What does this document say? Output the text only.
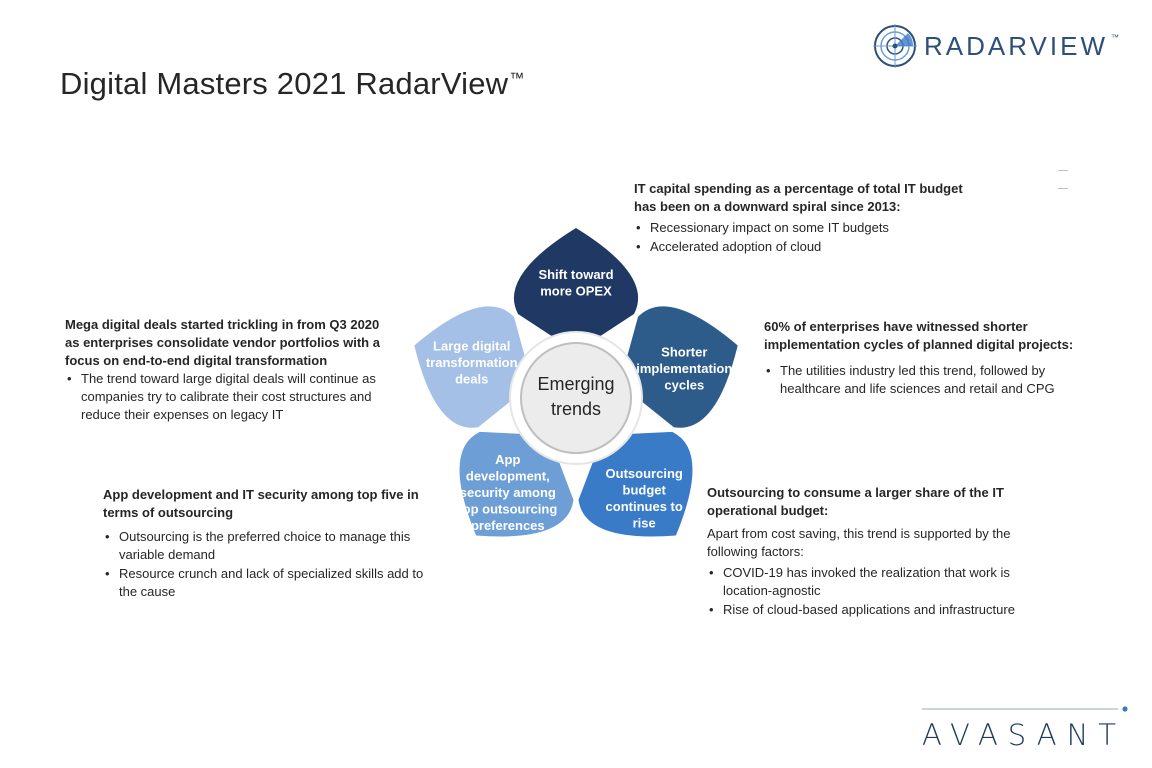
Digital Masters 2021 RadarView™
RADARVIEW ™
Shift toward
more OPEX
Shorter
implementation
cycles
Outsourcing
budget
continues to
rise
App
development,
security among
top outsourcing
preferences
Large digital
transformation
deals	Emerging
trends
IT capital spending as a percentage of total IT budget has been on a downward spiral since 2013:
• Recessionary impact on some IT budgets
• Accelerated adoption of cloud
60% of enterprises have witnessed shorter implementation cycles of planned digital projects:
• The utilities industry led this trend, followed by healthcare and life sciences and retail and CPG
Outsourcing to consume a larger share of the IT operational budget:
Apart from cost saving, this trend is supported by the following factors:
• COVID-19 has invoked the realization that work is location-agnostic
• Rise of cloud-based applications and infrastructure
App development and IT security among top five in terms of outsourcing
• Outsourcing is the preferred choice to manage this variable demand
• Resource crunch and lack of specialized skills add to the cause
Mega digital deals started trickling in from Q3 2020 as enterprises consolidate vendor portfolios with a focus on end-to-end digital transformation
• The trend toward large digital deals will continue as companies try to calibrate their cost structures and reduce their expenses on legacy IT
AVASANT
